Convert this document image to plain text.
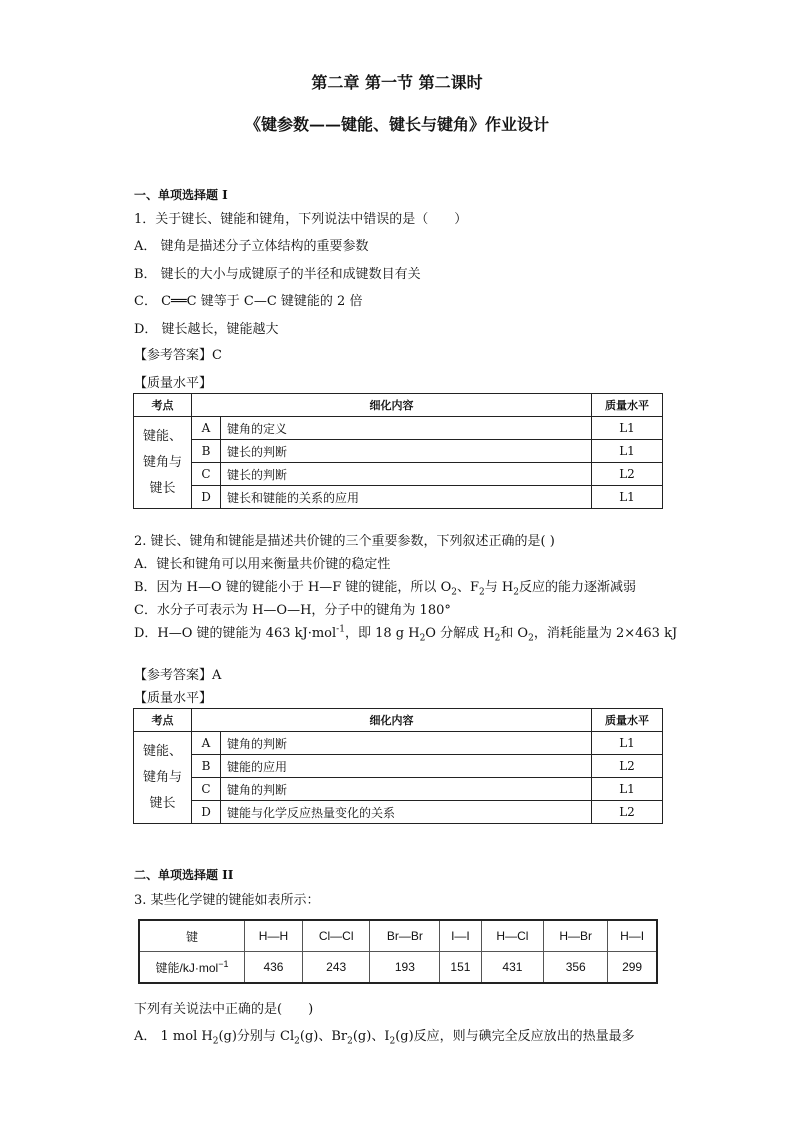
第二章 第一节 第二课时
《键参数——键能、键长与键角》作业设计
一、单项选择题 I
1．关于键长、键能和键角，下列说法中错误的是（　　）
A． 键角是描述分子立体结构的重要参数
B． 键长的大小与成键原子的半径和成键数目有关
C． C══C 键等于 C—C 键键能的 2 倍
D． 键长越长，键能越大
【参考答案】C
【质量水平】
考点	细化内容		质量水平

键能、
键角与
键长	A	键角的定义	L1
	B	键长的判断	L1
	C	键长的判断	L2
	D	键长和键能的关系的应用	L1
2. 键长、键角和键能是描述共价键的三个重要参数，下列叙述正确的是( )
A．键长和键角可以用来衡量共价键的稳定性
B．因为 H—O 键的键能小于 H—F 键的键能，所以 $O_2$、$F_2$与 $H_2$反应的能力逐渐减弱
C．水分子可表示为 H—O—H，分子中的键角为 180°
D．H—O 键的键能为 463 kJ·mol$^{-1}$，即 18 g $H_2O$ 分解成 $H_2$和 $O_2$，消耗能量为 2×463 kJ
【参考答案】A
【质量水平】
考点	细化内容		质量水平

键能、
键角与
键长	A	键角的判断	L1
	B	键能的应用	L2
	C	键角的判断	L1
	D	键能与化学反应热量变化的关系	L2
二、单项选择题 II
3. 某些化学键的键能如表所示：
键	H—H	Cl—Cl	Br—Br	I—I	H—Cl	H—Br	H—I
键能/kJ·mol$^{-1}$	436	243	193	151	431	356	299
下列有关说法中正确的是(　　)
A． 1 mol $H_2(g)$分别与 $Cl_2(g)$、$Br_2(g)$、$I_2(g)$反应，则与碘完全反应放出的热量最多
